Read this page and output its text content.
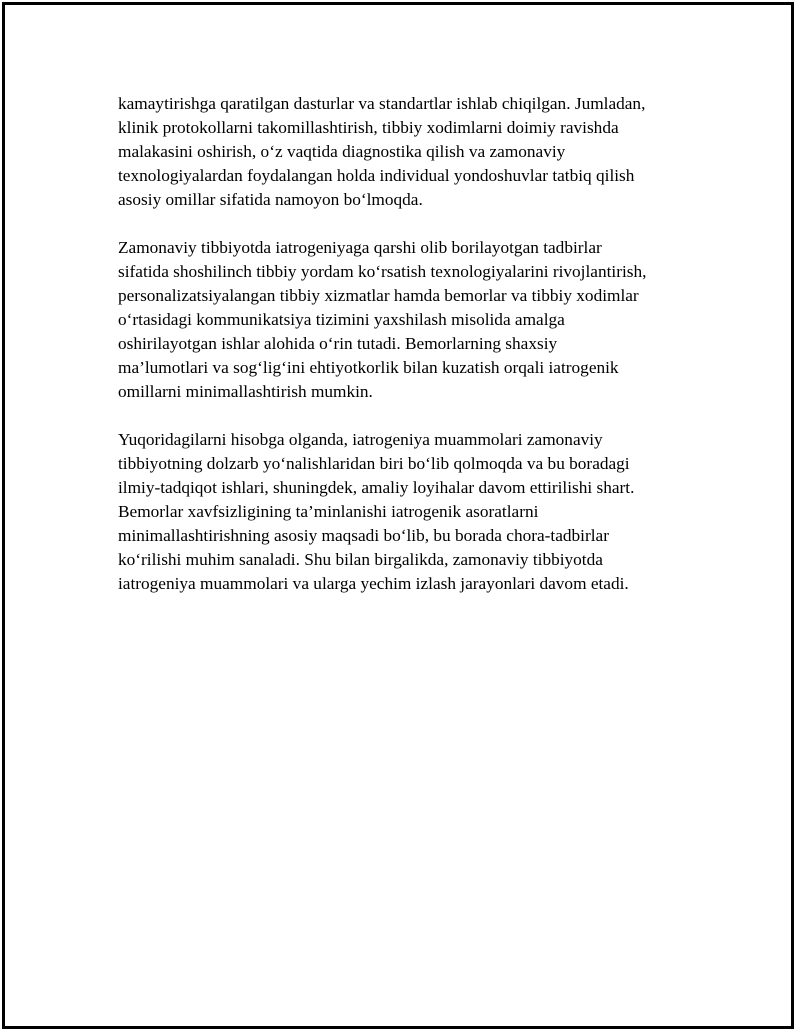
kamaytirishga qaratilgan dasturlar va standartlar ishlab chiqilgan. Jumladan,
klinik protokollarni takomillashtirish, tibbiy xodimlarni doimiy ravishda
malakasini oshirish, o‘z vaqtida diagnostika qilish va zamonaviy
texnologiyalardan foydalangan holda individual yondoshuvlar tatbiq qilish
asosiy omillar sifatida namoyon bo‘lmoqda.

Zamonaviy tibbiyotda iatrogeniyaga qarshi olib borilayotgan tadbirlar
sifatida shoshilinch tibbiy yordam ko‘rsatish texnologiyalarini rivojlantirish,
personalizatsiyalangan tibbiy xizmatlar hamda bemorlar va tibbiy xodimlar
o‘rtasidagi kommunikatsiya tizimini yaxshilash misolida amalga
oshirilayotgan ishlar alohida o‘rin tutadi. Bemorlarning shaxsiy
ma’lumotlari va sog‘lig‘ini ehtiyotkorlik bilan kuzatish orqali iatrogenik
omillarni minimallashtirish mumkin.

Yuqoridagilarni hisobga olganda, iatrogeniya muammolari zamonaviy
tibbiyotning dolzarb yo‘nalishlaridan biri bo‘lib qolmoqda va bu boradagi
ilmiy-tadqiqot ishlari, shuningdek, amaliy loyihalar davom ettirilishi shart.
Bemorlar xavfsizligining ta’minlanishi iatrogenik asoratlarni
minimallashtirishning asosiy maqsadi bo‘lib, bu borada chora-tadbirlar
ko‘rilishi muhim sanaladi. Shu bilan birgalikda, zamonaviy tibbiyotda
iatrogeniya muammolari va ularga yechim izlash jarayonlari davom etadi.
